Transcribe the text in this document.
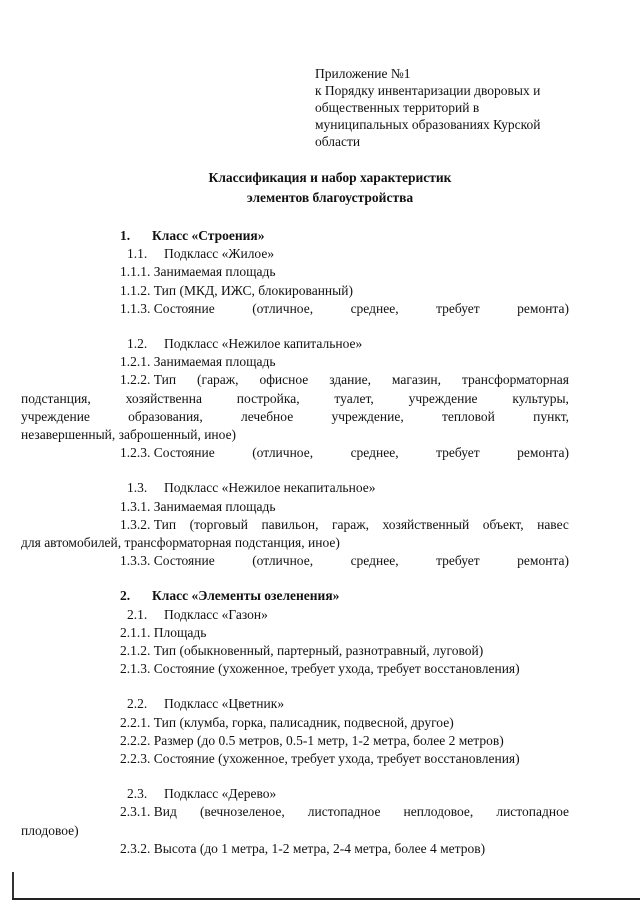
Приложение №1
к Порядку инвентаризации дворовых и
общественных территорий в
муниципальных образованиях Курской
области
Классификация и набор характеристик
элементов благоустройства
1. Класс «Строения»
1.1. Подкласс «Жилое»
1.1.1. Занимаемая площадь
1.1.2. Тип (МКД, ИЖС, блокированный)
1.1.3. Состояние	(отличное,	среднее,	требует	ремонта)
1.2. Подкласс «Нежилое капитальное»
1.2.1. Занимаемая площадь
1.2.2. Тип (гараж, офисное здание, магазин, трансформаторная
подстанция,	хозяйственна	постройка,	туалет,	учреждение	культуры,
учреждение	образования,	лечебное	учреждение,	тепловой	пункт,
незавершенный, заброшенный, иное)
1.2.3. Состояние	(отличное,	среднее,	требует	ремонта)
1.3. Подкласс «Нежилое некапитальное»
1.3.1. Занимаемая площадь
1.3.2. Тип (торговый павильон, гараж, хозяйственный объект, навес
для автомобилей, трансформаторная подстанция, иное)
1.3.3. Состояние	(отличное,	среднее,	требует	ремонта)
2. Класс «Элементы озеленения»
2.1. Подкласс «Газон»
2.1.1. Площадь
2.1.2. Тип (обыкновенный, партерный, разнотравный, луговой)
2.1.3. Состояние (ухоженное, требует ухода, требует восстановления)
2.2. Подкласс «Цветник»
2.2.1. Тип (клумба, горка, палисадник, подвесной, другое)
2.2.2. Размер (до 0.5 метров, 0.5-1 метр, 1-2 метра, более 2 метров)
2.2.3. Состояние (ухоженное, требует ухода, требует восстановления)
2.3. Подкласс «Дерево»
2.3.1. Вид (вечнозеленое, листопадное неплодовое, листопадное
плодовое)
2.3.2. Высота (до 1 метра, 1-2 метра, 2-4 метра, более 4 метров)
